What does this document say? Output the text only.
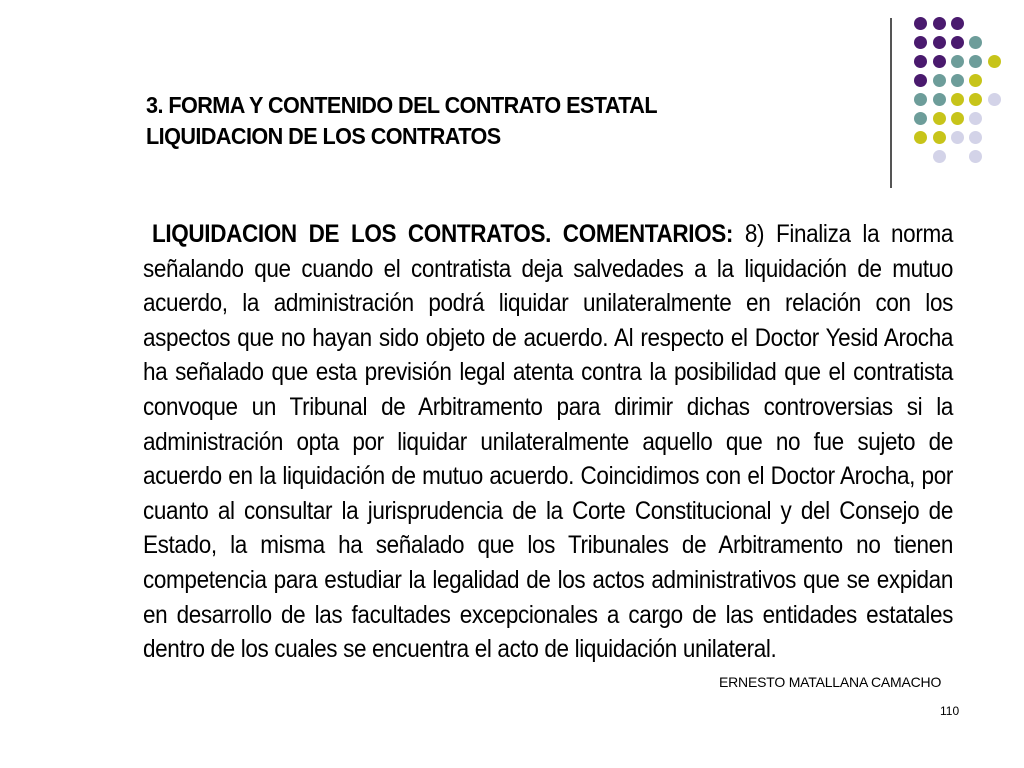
3. FORMA Y CONTENIDO DEL CONTRATO ESTATAL
LIQUIDACION DE LOS CONTRATOS
LIQUIDACION DE LOS CONTRATOS. COMENTARIOS: 8) Finaliza la norma señalando que cuando el contratista deja salvedades a la liquidación de mutuo acuerdo, la administración podrá liquidar unilateralmente en relación con los aspectos que no hayan sido objeto de acuerdo. Al respecto el Doctor Yesid Arocha ha señalado que esta previsión legal atenta contra la posibilidad que el contratista convoque un Tribunal de Arbitramento para dirimir dichas controversias si la administración opta por liquidar unilateralmente aquello que no fue sujeto de acuerdo en la liquidación de mutuo acuerdo. Coincidimos con el Doctor Arocha, por cuanto al consultar la jurisprudencia de la Corte Constitucional y del Consejo de Estado, la misma ha señalado que los Tribunales de Arbitramento no tienen competencia para estudiar la legalidad de los actos administrativos que se expidan en desarrollo de las facultades excepcionales a cargo de las entidades estatales dentro de los cuales se encuentra el acto de liquidación unilateral.
ERNESTO MATALLANA CAMACHO
110
